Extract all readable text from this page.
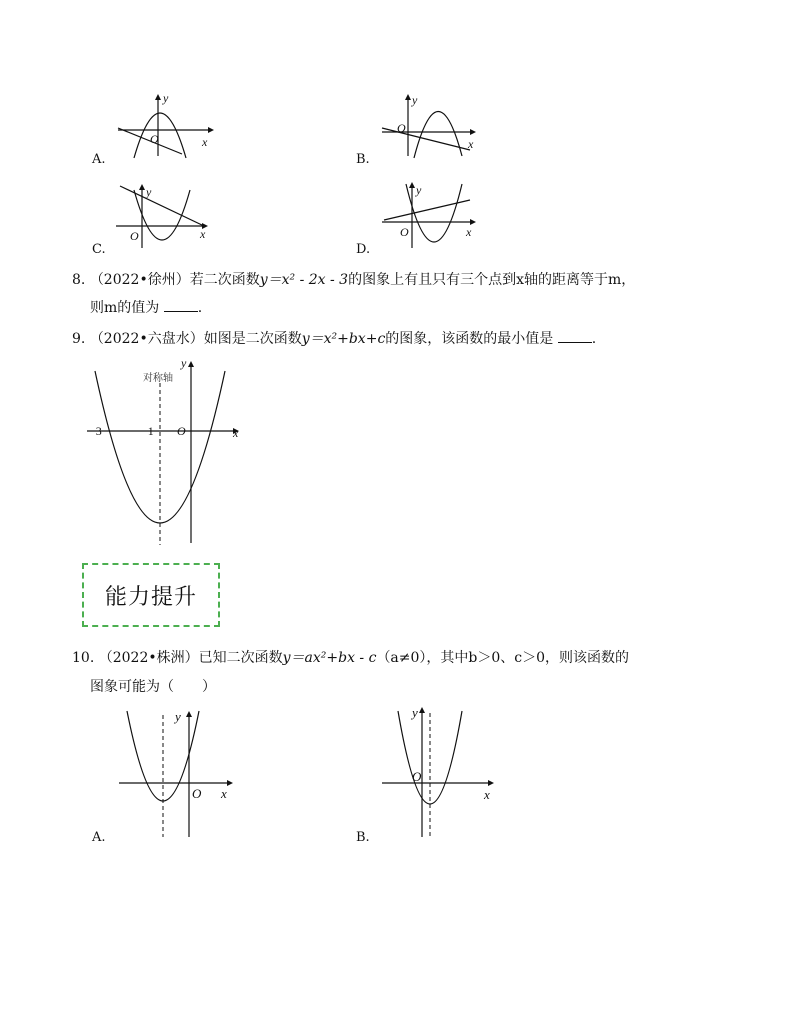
y
O	x
A.
y
O
x
B.
y
O	x
C.
y
O	x
D.
8. （2022•徐州）若二次函数y＝x² - 2x - 3的图象上有且只有三个点到x轴的距离等于m，
则m的值为	.
9. （2022•六盘水）如图是二次函数y＝x²+bx+c的图象，该函数的最小值是	.
对称轴
y
O	x
−3	−1
能力提升
10. （2022•株洲）已知二次函数y＝ax²+bx - c（a≠0），其中b＞0、c＞0，则该函数的
图象可能为（　　）
y
O x
A.
y
O
x
B.
